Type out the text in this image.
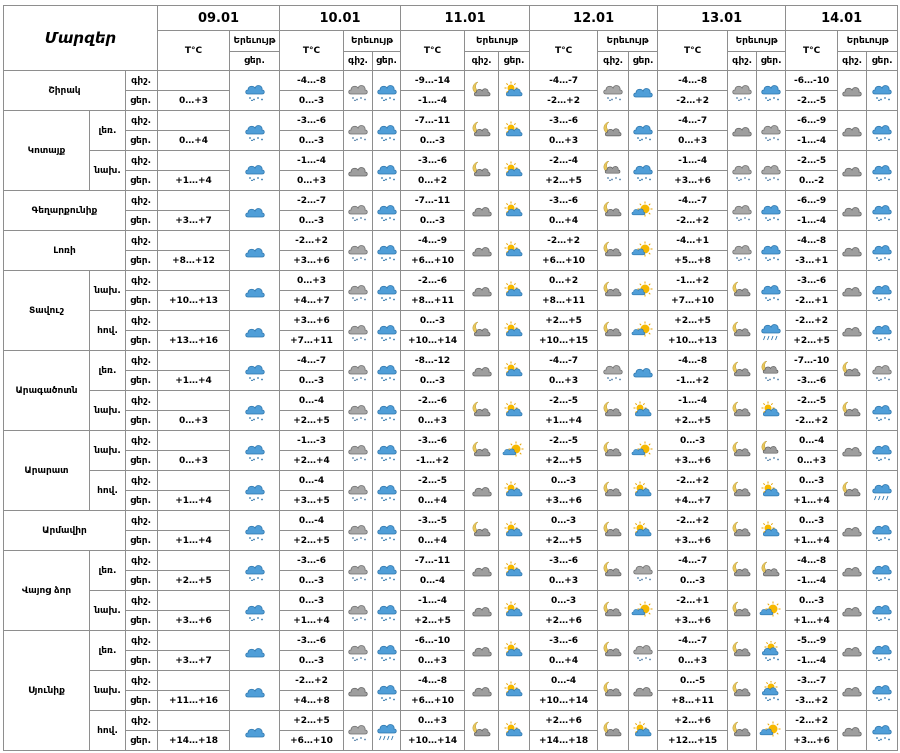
Մարզեր			09.01		10.01			11.01			12.01			13.01			14.01		
			T°C	Երեւույթ	T°C	Երեւույթ		T°C	Երեւույթ		T°C	Երեւույթ		T°C	Երեւույթ		T°C	Երեւույթ	
				ցեր.		գիշ.	ցեր.		գիշ.	ցեր.		գիշ.	ցեր.		գիշ.	ցեր.		գիշ.	ցեր.
Շիրակ		գիշ.			-4…-8			-9…-14			-4…-7			-4…-8			-6…-10	

		ցեր.	0…+3		0…-3			-1…-4			-2…+2			-2…+2			-2…-5		
Կոտայք	լեռ.	գիշ.			-3…-6			-7…-11			-3…-6			-4…-7			-6…-9	

		ցեր.	0…+4		0…-3			0…-3			0…+3			0…+3			-1…-4		
	նախ.	գիշ.			-1…-4			-3…-6			-2…-4			-1…-4			-2…-5	

		ցեր.	+1…+4		0…+3			0…+2			+2…+5			+3…+6			0…-2		
Գեղարքունիք		գիշ.			-2…-7			-7…-11			-3…-6			-4…-7			-6…-9	

		ցեր.	+3…+7		0…-3			0…-3			0…+4			-2…+2			-1…-4		
Լոռի		գիշ.			-2…+2			-4…-9			-2…+2			-4…+1			-4…-8	

		ցեր.	+8…+12		+3…+6			+6…+10			+6…+10			+5…+8			-3…+1		
Տավուշ	նախ.	գիշ.			0…+3			-2…-6			0…+2			-1…+2			-3…-6	

		ցեր.	+10…+13		+4…+7			+8…+11			+8…+11			+7…+10			-2…+1		
	հով.	գիշ.			+3…+6			0…-3			+2…+5			+2…+5			-2…+2	

		ցեր.	+13…+16		+7…+11			+10…+14			+10…+15			+10…+13			+2…+5		
Արագածոտն	լեռ.	գիշ.			-4…-7			-8…-12			-4…-7			-4…-8			-7…-10	

		ցեր.	+1…+4		0…-3			0…-3			0…+3			-1…+2			-3…-6		
	նախ.	գիշ.			0…-4			-2…-6			-2…-5			-1…-4			-2…-5	

		ցեր.	0…+3		+2…+5			0…+3			+1…+4			+2…+5			-2…+2		
Արարատ	նախ.	գիշ.			-1…-3			-3…-6			-2…-5			0…-3			0…-4	

		ցեր.	0…+3		+2…+4			-1…+2			+2…+5			+3…+6			0…+3		
	հով.	գիշ.			0…-4			-2…-5			0…-3			-2…+2			0…-3	

		ցեր.	+1…+4		+3…+5			0…+4			+3…+6			+4…+7			+1…+4		
Արմավիր		գիշ.			0…-4			-3…-5			0…-3			-2…+2			0…-3	

		ցեր.	+1…+4		+2…+5			0…+4			+2…+5			+3…+6			+1…+4		
Վայոց ձոր	լեռ.	գիշ.			-3…-6			-7…-11			-3…-6			-4…-7			-4…-8	

		ցեր.	+2…+5		0…-3			0…-4			0…+3			0…-3			-1…-4		
	նախ.	գիշ.			0…-3			-1…-4			0…-3			-2…+1			0…-3	

		ցեր.	+3…+6		+1…+4			+2…+5			+2…+6			+3…+6			+1…+4		
Սյունիք	լեռ.	գիշ.			-3…-6			-6…-10			-3…-6			-4…-7			-5…-9	

		ցեր.	+3…+7		0…-3			0…+3			0…+4			0…+3			-1…-4		
	նախ.	գիշ.			-2…+2			-4…-8			0…-4			0…-5			-3…-7	

		ցեր.	+11…+16		+4…+8			+6…+10			+10…+14			+8…+11			-3…+2		
	հով.	գիշ.			+2…+5			0…+3			+2…+6			+2…+6			-2…+2	

		ցեր.	+14…+18		+6…+10			+10…+14			+14…+18			+12…+15			+3…+6		
